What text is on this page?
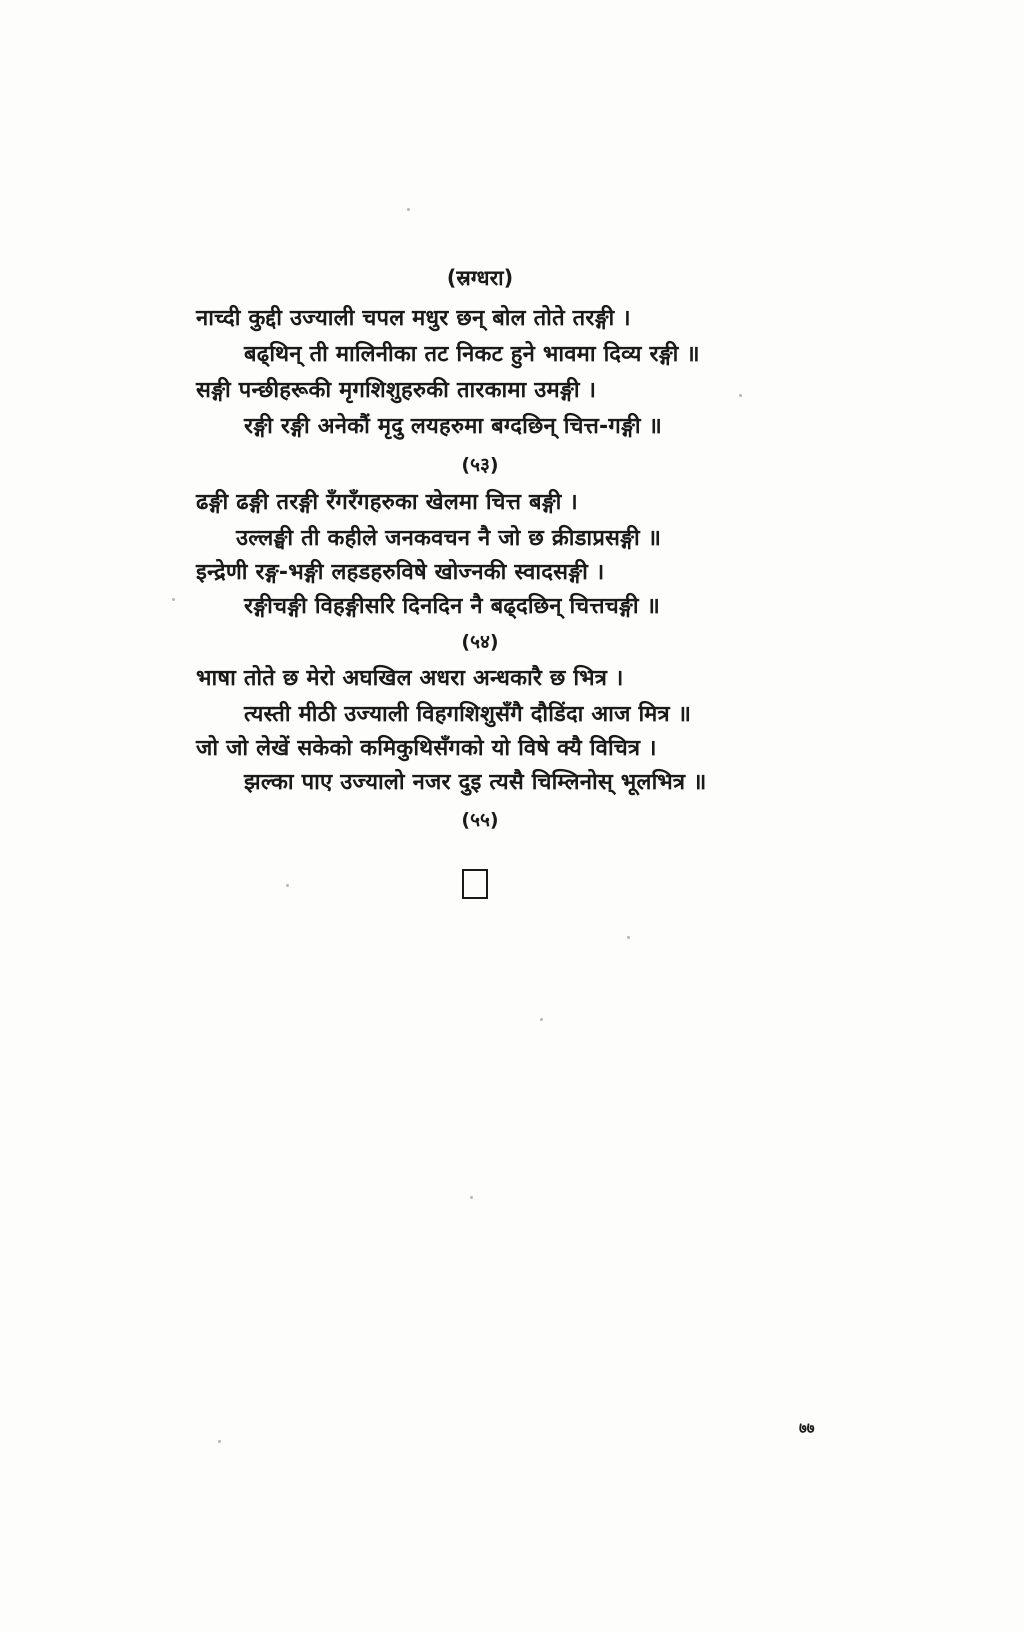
(स्रग्धरा)
नाच्दी कुद्दी उज्याली चपल मधुर छन् बोल तोते तरङ्गी ।
बढ्थिन् ती मालिनीका तट निकट हुने भावमा दिव्य रङ्गी ॥
सङ्गी पन्छीहरूकी मृगशिशुहरुकी तारकामा उमङ्गी ।
रङ्गी रङ्गी अनेकौं मृदु लयहरुमा बग्दछिन् चित्त-गङ्गी ॥
(५३)
ढङ्गी ढङ्गी तरङ्गी रँगरँगहरुका खेलमा चित्त बङ्गी ।
उल्लङ्घी ती कहीले जनकवचन नै जो छ क्रीडाप्रसङ्गी ॥
इन्द्रेणी रङ्ग-भङ्गी लहडहरुविषे खोज्नकी स्वादसङ्गी ।
रङ्गीचङ्गी विहङ्गीसरि दिनदिन नै बढ्दछिन् चित्तचङ्गी ॥
(५४)
भाषा तोते छ मेरो अघखिल अधरा अन्धकारै छ भित्र ।
त्यस्ती मीठी उज्याली विहगशिशुसँगै दौडिंदा आज मित्र ॥
जो जो लेखें सकेको कमिकुथिसँगको यो विषे क्यै विचित्र ।
झल्का पाए उज्यालो नजर दुइ त्यसै चिम्लिनोस् भूलभित्र ॥
(५५)
७७
